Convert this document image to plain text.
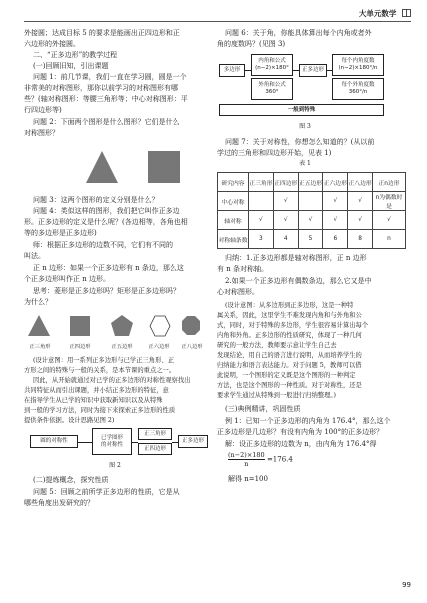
大单元数学

外接圆；达成目标 5 的要求是能画出正四边形和正

六边形的外接圆。

二、“正多边形”的教学过程

(一)回顾旧知，引出课题

问题 1：前几节课，我们一直在学习圆，圆是一个

非常美的对称图形，那你以前学习的对称图形有哪

些？(轴对称图形：等腰三角形等；中心对称图形：平

行四边形等)

问题 2：下面两个图形是什么图形？它们是什么

对称图形？

问题 3：这两个图形的定义分别是什么？

问题 4：类似这样的图形，我们把它叫作正多边

形。正多边形的定义是什么呢？(各边相等，各角也相

等的多边形是正多边形)

师：根据正多边形的边数不同，它们有不同的

叫法。

正 n 边形：如果一个正多边形有 n 条边，那么这

个正多边形叫作正 n 边形。

思考：菱形是正多边形吗？矩形是正多边形吗？

为什么？

正三角形	正四边形	正五边形	正六边形	正八边形

(设计意图：用一系列正多边形与已学正三角形、正

方形之间的特殊与一般的关系，是本节课的重点之一。

因此，从开始就通过对已学的正多边形的对称性观察找出

共同特征从而引出课题，并小结正多边形的特征，意

在指导学生从已学的知识中获取新知识以及从特殊

到一般的学习方法，同时为接下来探索正多边形的性质

提供条件依据。设计思路见图 2)

圆的对称性
已学图形
的对称性
正三角形
正四边形
正多边形
图 2

(二)提炼概念，探究性质

问题 5：回顾之前所学正多边形的性质，它是从

哪些角度出发研究的？

问题 6：关于角，你能具体算出每个内角或者外

角的度数吗？(见图 3)

多边形
内角和公式
(n−2)×180°
外角和公式
360°
正多边形
每个内角度数
(n−2)×180°/n
每个外角度数
360°/n
一般到特殊
图 3

问题 7：关于对称性，你想怎么知道的？(从以前

学过的三角形和四边形开始，见表 1)

表 1
研究内容	正三角形	正四边形	正五边形	正六边形	正八边形	正n边形
中心对称		√		√	√	n为偶数时是
轴对称	√	√	√	√	√	√
对称轴条数	3	4	5	6	8	n

归纳：1.正多边形都是轴对称图形，正 n 边形

有 n 条对称轴。

2.如果一个正多边形有偶数条边，那么它又是中

心对称图形。

(设计意图：从多边形到正多边形，这是一种特

属关系，因此，这里学生不难发现内角和与外角和公

式，同时，对于特殊的多边形，学生很容易计算出每个

内角和外角。正多边形的性质研究，体现了一种几何

研究的一般方法，教师要示意让学生自己去

发现结论，用自己的语言进行说明，从而培养学生的

归纳能力和语言表达能力。对于问题 5，教师可以借

此说明，一个图形的定义既是这个图形的一种判定

方法，也是这个图形的一种性质。对于对称性，还是

要求学生通过从特殊到一般进行归纳整理。)

(三)典例精讲，巩固性质

例 1：已知一个正多边形的内角为 176.4°，那么这个

正多边形是几边形？有没有内角为 100°的正多边形？

解：设正多边形的边数为 n，由内角为 176.4°得

$\frac{(n-2)\times 180}{n} =176.4$

解得 n=100

99
